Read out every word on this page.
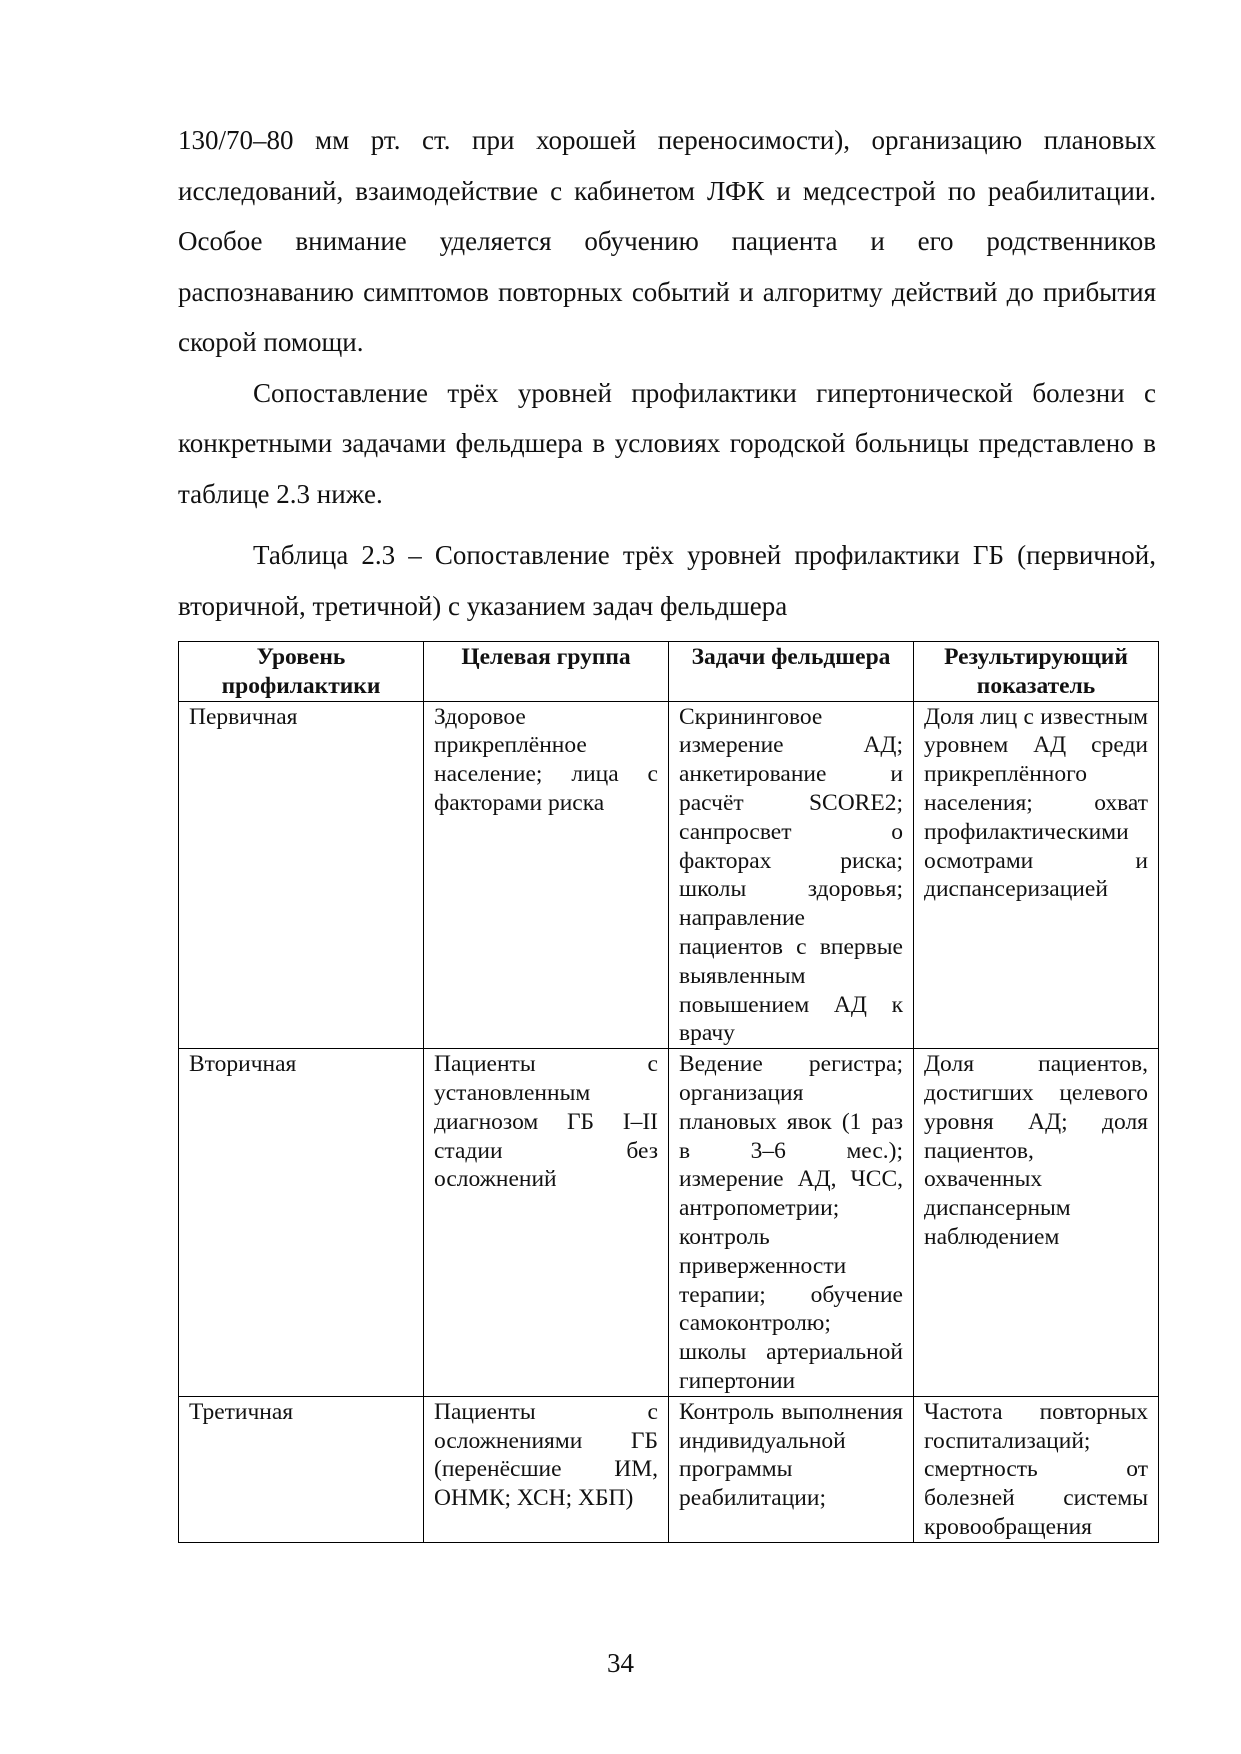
130/70–80 мм рт. ст. при хорошей переносимости), организацию плановых исследований, взаимодействие с кабинетом ЛФК и медсестрой по реабилитации. Особое внимание уделяется обучению пациента и его родственников распознаванию симптомов повторных событий и алгоритму действий до прибытия скорой помощи.

Сопоставление трёх уровней профилактики гипертонической болезни с конкретными задачами фельдшера в условиях городской больницы представлено в таблице 2.3 ниже.

Таблица 2.3 – Сопоставление трёх уровней профилактики ГБ (первичной, вторичной, третичной) с указанием задач фельдшера

Уровень профилактики	Целевая группа	Задачи фельдшера	Результирующий показатель
Первичная	Здоровое прикреплённое население; лица с факторами риска	Скрининговое измерение АД; анкетирование и расчёт SCORE2; санпросвет о факторах риска; школы здоровья; направление пациентов с впервые выявленным повышением АД к врачу	Доля лиц с известным уровнем АД среди прикреплённого населения; охват профилактическими осмотрами и диспансеризацией
Вторичная	Пациенты с установленным диагнозом ГБ I–II стадии без осложнений	Ведение регистра; организация плановых явок (1 раз в 3–6 мес.); измерение АД, ЧСС, антропометрии; контроль приверженности терапии; обучение самоконтролю; школы артериальной гипертонии	Доля пациентов, достигших целевого уровня АД; доля пациентов, охваченных диспансерным наблюдением
Третичная	Пациенты с осложнениями ГБ (перенёсшие ИМ, ОНМК; ХСН; ХБП)	Контроль выполнения индивидуальной программы реабилитации;	Частота повторных госпитализаций; смертность от болезней системы кровообращения
34
